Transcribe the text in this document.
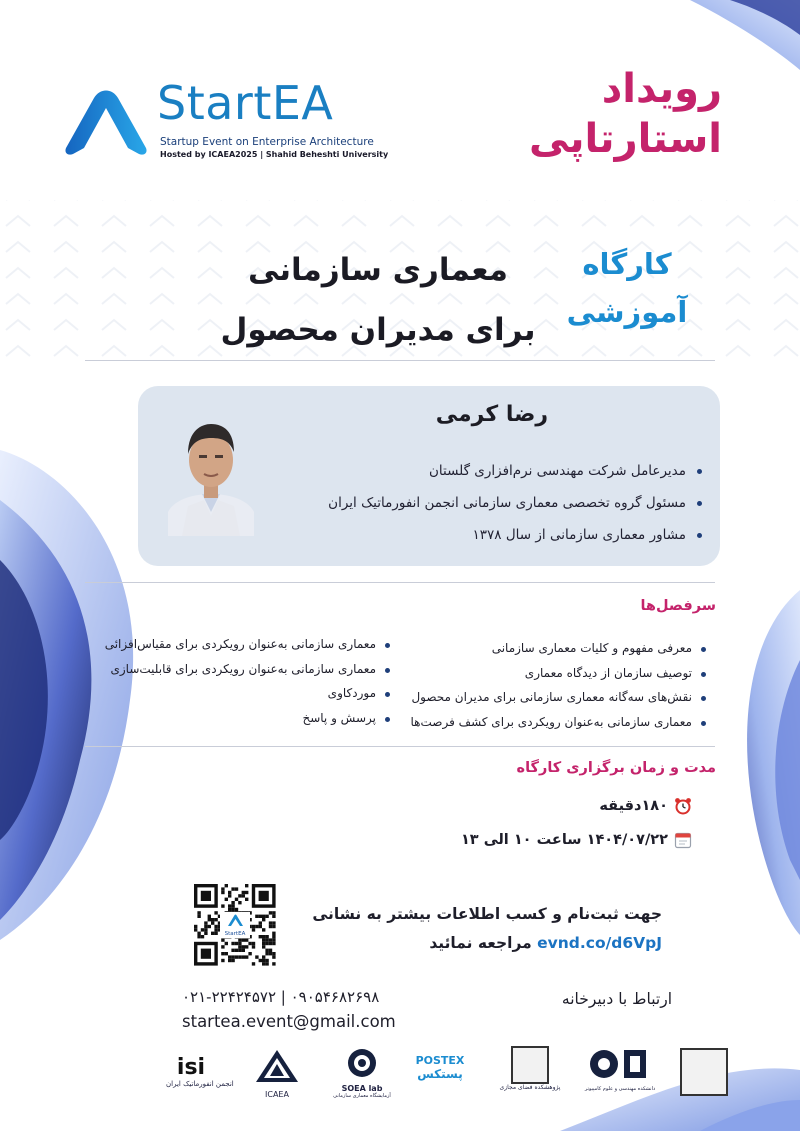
StartEA
Startup Event on Enterprise Architecture
Hosted by ICAEA2025 | Shahid Beheshti University
رویداد
استارتاپی
کارگاه
آموزشی
معماری سازمانی
برای مدیران محصول
رضا کرمی
مدیرعامل شرکت مهندسی نرم‌افزاری گلستان
مسئول گروه تخصصی معماری سازمانی انجمن انفورماتیک ایران
مشاور معماری سازمانی از سال ۱۳۷۸
سرفصل‌ها
معرفی مفهوم و کلیات معماری سازمانی
توصیف سازمان از دیدگاه معماری
نقش‌های سه‌گانه معماری سازمانی برای مدیران محصول
معماری سازمانی به‌عنوان رویکردی برای کشف فرصت‌ها
معماری سازمانی به‌عنوان رویکردی برای مقیاس‌افزائی
معماری سازمانی به‌عنوان رویکردی برای قابلیت‌سازی
موردکاوی
پرسش و پاسخ
مدت و زمان برگزاری کارگاه
۱۸۰دقیقه
۱۴۰۴/۰۷/۲۲ ساعت ۱۰ الی ۱۳
جهت ثبت‌نام و کسب اطلاعات بیشتر به نشانی
evnd.co/d6VpJ مراجعه نمائید
StartEA
ارتباط با دبیرخانه
۰۲۱-۲۲۴۲۴۵۷۲ | ۰۹۰۵۴۶۸۲۶۹۸
startea.event@gmail.com
isi
انجمن انفورماتیک ایران
ICAEA
SOEA lab
آزمایشگاه معماری سازمانی
POSTEX
پستکس
پژوهشکده فضای مجازی	دانشکده مهندسی و علوم کامپیوتر
